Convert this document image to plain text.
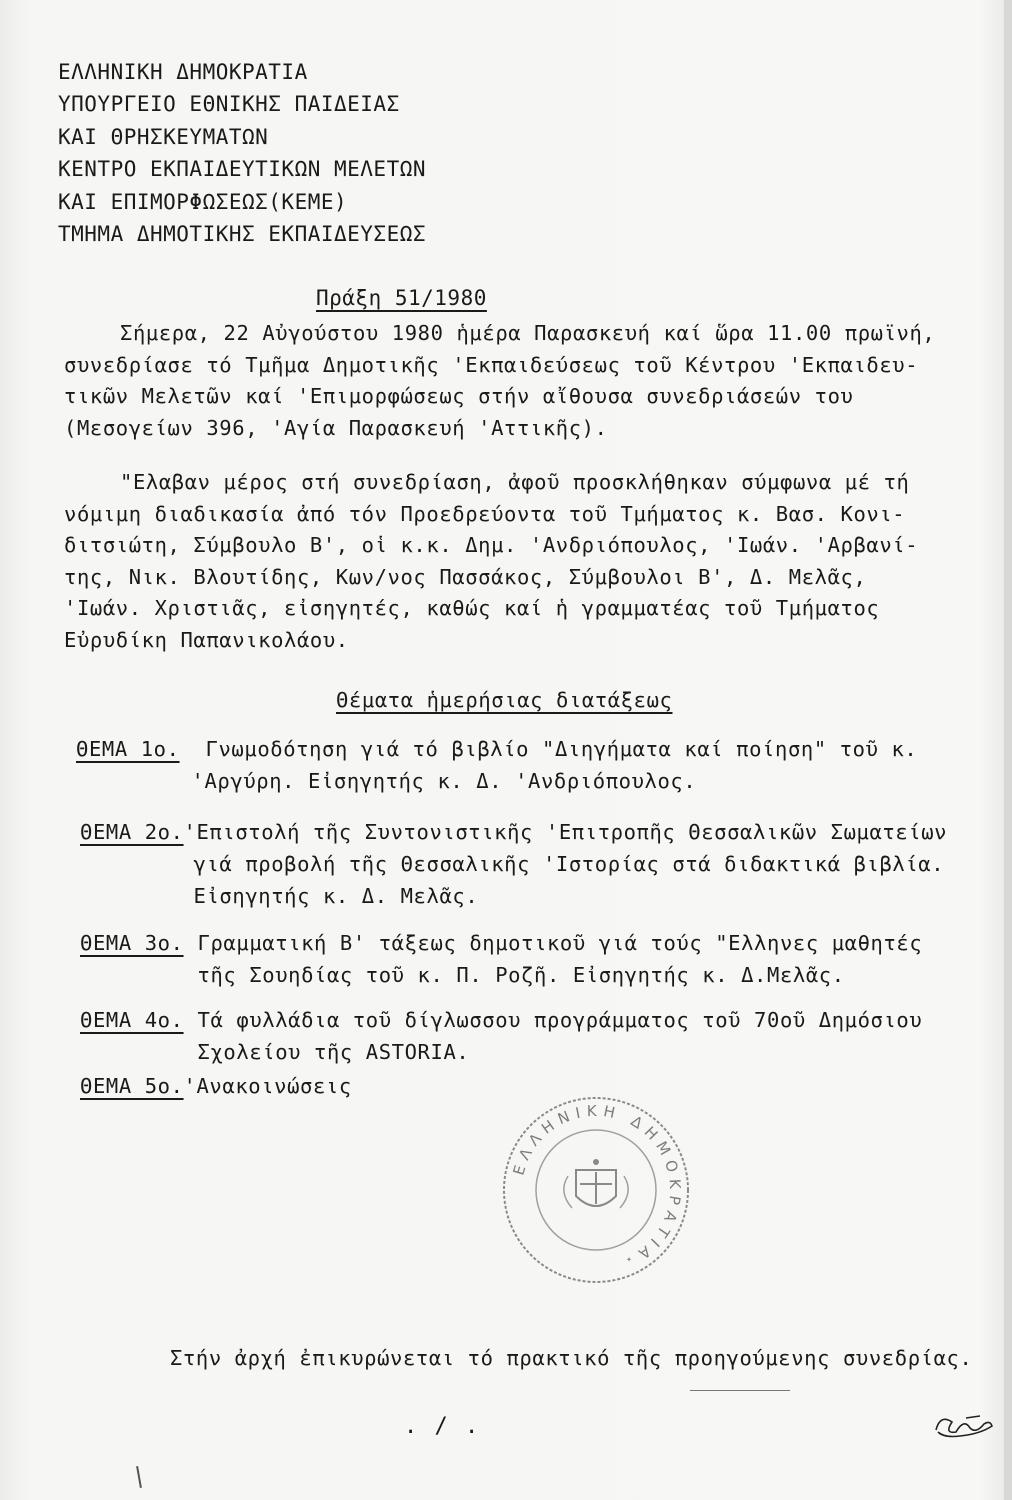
ΕΛΛΗΝΙΚΗ ΔΗΜΟΚΡΑΤΙΑ
ΥΠΟΥΡΓΕΙΟ ΕΘΝΙΚΗΣ ΠΑΙΔΕΙΑΣ
ΚΑΙ ΘΡΗΣΚΕΥΜΑΤΩΝ
ΚΕΝΤΡΟ ΕΚΠΑΙΔΕΥΤΙΚΩΝ ΜΕΛΕΤΩΝ
ΚΑΙ ΕΠΙΜΟΡΦΩΣΕΩΣ(ΚΕΜΕ)
ΤΜΗΜΑ ΔΗΜΟΤΙΚΗΣ ΕΚΠΑΙΔΕΥΣΕΩΣ
Πράξη 51/1980
Σήμερα, 22 Αὐγούστου 1980 ἡμέρα Παρασκευή καί ὥρα 11.00 πρωϊνή,
συνεδρίασε τό Τμῆμα Δημοτικῆς 'Εκπαιδεύσεως τοῦ Κέντρου 'Εκπαιδευ-
τικῶν Μελετῶν καί 'Επιμορφώσεως στήν αἴθουσα συνεδριάσεών του
(Μεσογείων 396, 'Αγία Παρασκευή 'Αττικῆς).
"Ελαβαν μέρος στή συνεδρίαση, ἀφοῦ προσκλήθηκαν σύμφωνα μέ τή
νόμιμη διαδικασία ἀπό τόν Προεδρεύοντα τοῦ Τμήματος κ. Βασ. Κονι-
διτσιώτη, Σύμβουλο Β', οἱ κ.κ. Δημ. 'Ανδριόπουλος, 'Ιωάν. 'Αρβανί-
της, Νικ. Βλουτίδης, Κων/νος Πασσάκος, Σύμβουλοι Β', Δ. Μελᾶς,
'Ιωάν. Χριστιᾶς, εἰσηγητές, καθώς καί ἡ γραμματέας τοῦ Τμήματος
Εὐρυδίκη Παπανικολάου.
Θέματα ἡμερήσιας διατάξεως
ΘΕΜΑ 1ο. Γνωμοδότηση γιά τό βιβλίο "Διηγήματα καί ποίηση" τοῦ κ.
'Αργύρη. Εἰσηγητής κ. Δ. 'Ανδριόπουλος.
ΘΕΜΑ 2ο. 'Επιστολή τῆς Συντονιστικῆς 'Επιτροπῆς Θεσσαλικῶν Σωματείων
γιά προβολή τῆς Θεσσαλικῆς 'Ιστορίας στά διδακτικά βιβλία.
Εἰσηγητής κ. Δ. Μελᾶς.
ΘΕΜΑ 3ο. Γραμματική Β' τάξεως δημοτικοῦ γιά τούς "Ελληνες μαθητές
τῆς Σουηδίας τοῦ κ. Π. Ροζῆ. Εἰσηγητής κ. Δ.Μελᾶς.
ΘΕΜΑ 4ο. Τά φυλλάδια τοῦ δίγλωσσου προγράμματος τοῦ 70οῦ Δημόσιου
Σχολείου τῆς ASTORIA.
ΘΕΜΑ 5ο. 'Ανακοινώσεις
ΕΛΛΗΝΙΚΗ ΔΗΜΟΚΡΑΤΙΑ
✦
Στήν ἀρχή ἐπικυρώνεται τό πρακτικό τῆς προηγούμενης συνεδρίας.
. / .
